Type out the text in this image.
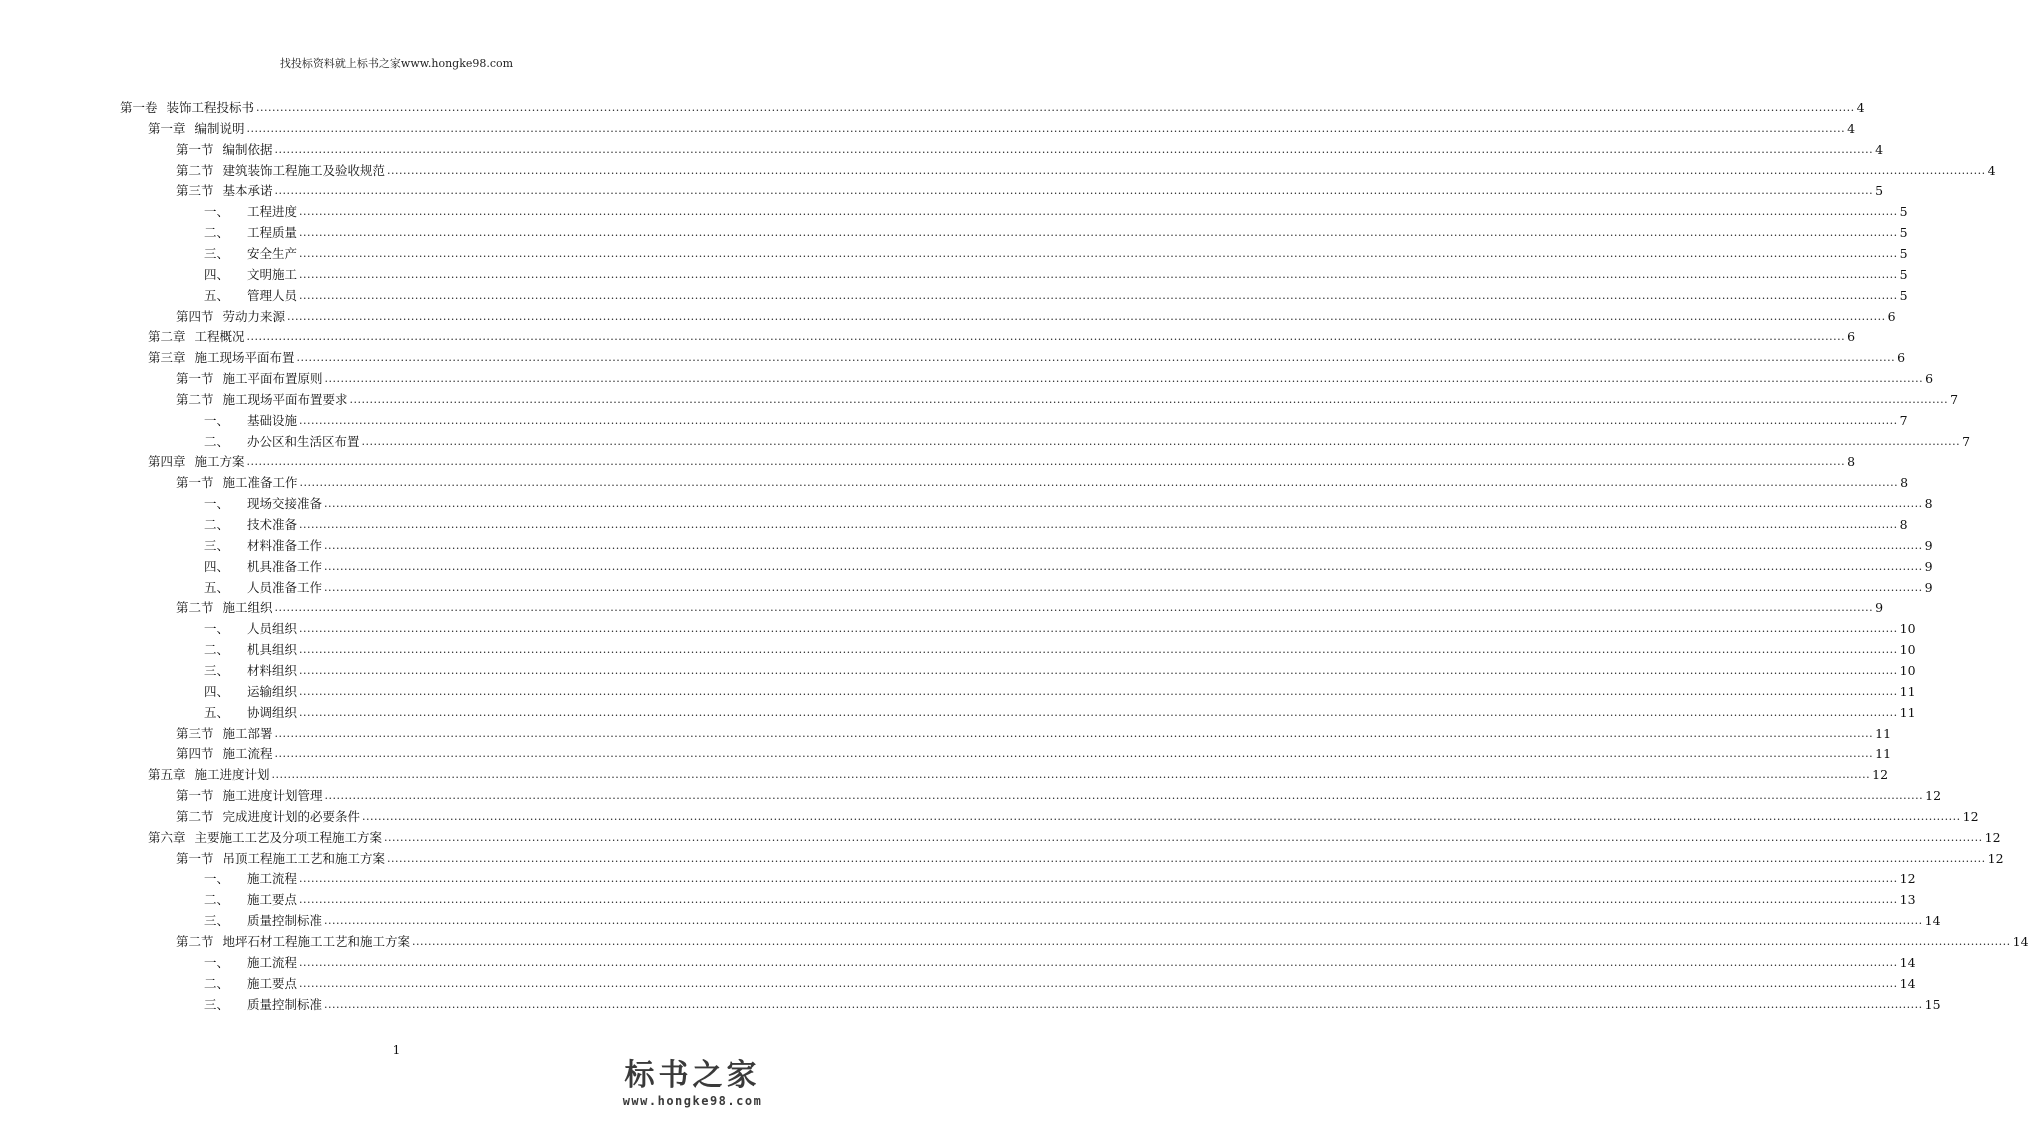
找投标资料就上标书之家www.hongke98.com
第一卷 装饰工程投标书 ................................................................................................................................................................................................................................................................................................................................................................................................................ 4
第一章 编制说明 ................................................................................................................................................................................................................................................................................................................................................................................................................ 4
第一节 编制依据 ................................................................................................................................................................................................................................................................................................................................................................................................................ 4
第二节 建筑装饰工程施工及验收规范 ................................................................................................................................................................................................................................................................................................................................................................................................................ 4
第三节 基本承诺 ................................................................................................................................................................................................................................................................................................................................................................................................................ 5
一、	工程进度 ................................................................................................................................................................................................................................................................................................................................................................................................................ 5
二、	工程质量 ................................................................................................................................................................................................................................................................................................................................................................................................................ 5
三、	安全生产 ................................................................................................................................................................................................................................................................................................................................................................................................................ 5
四、	文明施工 ................................................................................................................................................................................................................................................................................................................................................................................................................ 5
五、	管理人员 ................................................................................................................................................................................................................................................................................................................................................................................................................ 5
第四节 劳动力来源 ................................................................................................................................................................................................................................................................................................................................................................................................................ 6
第二章 工程概况 ................................................................................................................................................................................................................................................................................................................................................................................................................ 6
第三章 施工现场平面布置 ................................................................................................................................................................................................................................................................................................................................................................................................................ 6
第一节 施工平面布置原则 ................................................................................................................................................................................................................................................................................................................................................................................................................ 6
第二节 施工现场平面布置要求 ................................................................................................................................................................................................................................................................................................................................................................................................................ 7
一、	基础设施 ................................................................................................................................................................................................................................................................................................................................................................................................................ 7
二、	办公区和生活区布置 ................................................................................................................................................................................................................................................................................................................................................................................................................ 7
第四章 施工方案 ................................................................................................................................................................................................................................................................................................................................................................................................................ 8
第一节 施工准备工作 ................................................................................................................................................................................................................................................................................................................................................................................................................ 8
一、	现场交接准备 ................................................................................................................................................................................................................................................................................................................................................................................................................ 8
二、	技术准备 ................................................................................................................................................................................................................................................................................................................................................................................................................ 8
三、	材料准备工作 ................................................................................................................................................................................................................................................................................................................................................................................................................ 9
四、	机具准备工作 ................................................................................................................................................................................................................................................................................................................................................................................................................ 9
五、	人员准备工作 ................................................................................................................................................................................................................................................................................................................................................................................................................ 9
第二节 施工组织 ................................................................................................................................................................................................................................................................................................................................................................................................................ 9
一、	人员组织 ................................................................................................................................................................................................................................................................................................................................................................................................................ 10
二、	机具组织 ................................................................................................................................................................................................................................................................................................................................................................................................................ 10
三、	材料组织 ................................................................................................................................................................................................................................................................................................................................................................................................................ 10
四、	运输组织 ................................................................................................................................................................................................................................................................................................................................................................................................................ 11
五、	协调组织 ................................................................................................................................................................................................................................................................................................................................................................................................................ 11
第三节 施工部署 ................................................................................................................................................................................................................................................................................................................................................................................................................ 11
第四节 施工流程 ................................................................................................................................................................................................................................................................................................................................................................................................................ 11
第五章 施工进度计划 ................................................................................................................................................................................................................................................................................................................................................................................................................ 12
第一节 施工进度计划管理 ................................................................................................................................................................................................................................................................................................................................................................................................................ 12
第二节 完成进度计划的必要条件 ................................................................................................................................................................................................................................................................................................................................................................................................................ 12
第六章 主要施工工艺及分项工程施工方案 ................................................................................................................................................................................................................................................................................................................................................................................................................ 12
第一节 吊顶工程施工工艺和施工方案 ................................................................................................................................................................................................................................................................................................................................................................................................................ 12
一、	施工流程 ................................................................................................................................................................................................................................................................................................................................................................................................................ 12
二、	施工要点 ................................................................................................................................................................................................................................................................................................................................................................................................................ 13
三、	质量控制标准 ................................................................................................................................................................................................................................................................................................................................................................................................................ 14
第二节 地坪石材工程施工工艺和施工方案 ................................................................................................................................................................................................................................................................................................................................................................................................................ 14
一、	施工流程 ................................................................................................................................................................................................................................................................................................................................................................................................................ 14
二、	施工要点 ................................................................................................................................................................................................................................................................................................................................................................................................................ 14
三、	质量控制标准 ................................................................................................................................................................................................................................................................................................................................................................................................................ 15
1
标书之家
www.hongke98.com
